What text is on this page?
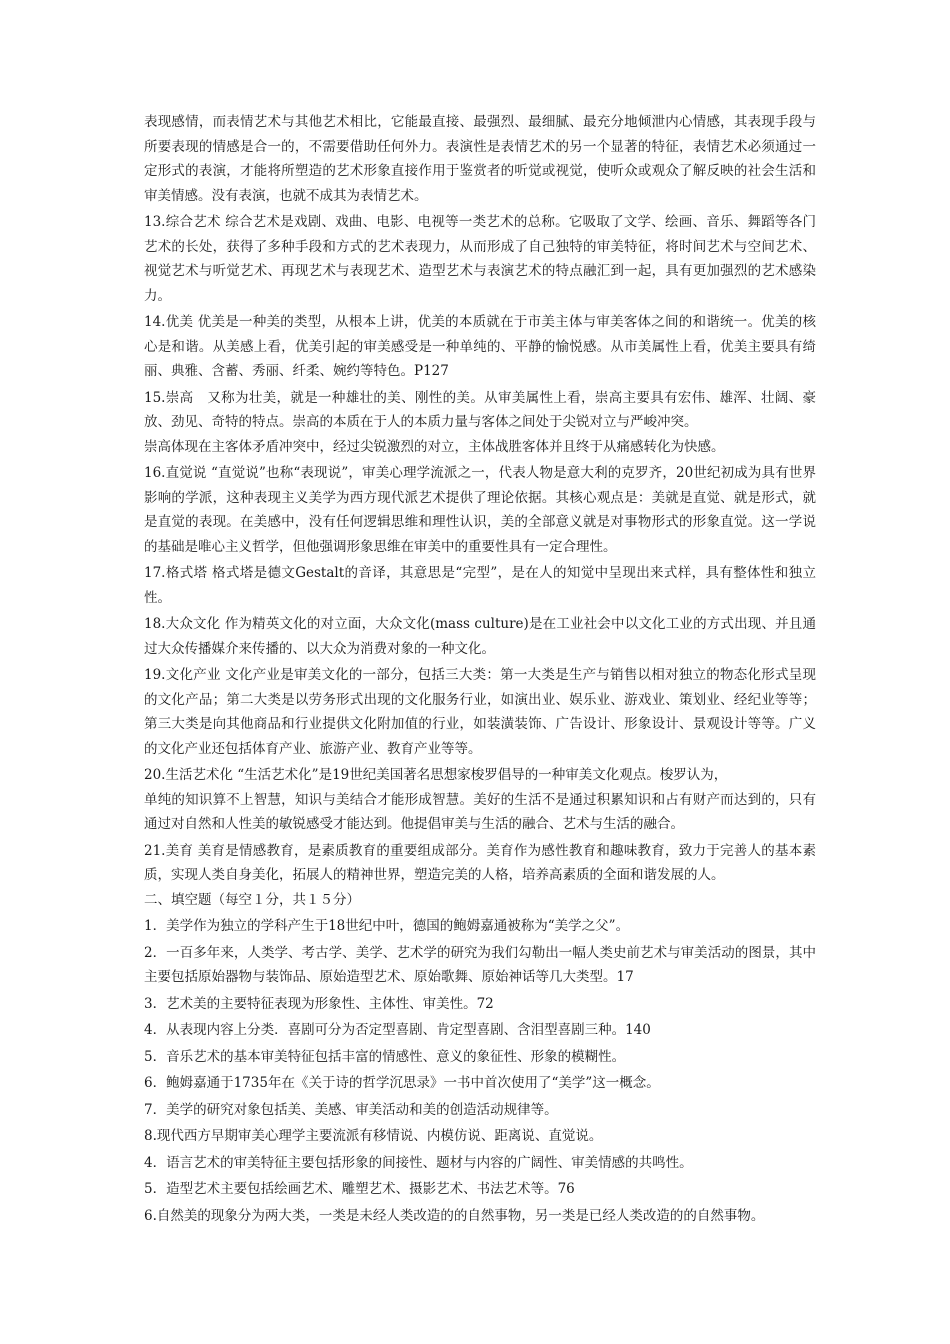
表现感情，而表情艺术与其他艺术相比，它能最直接、最强烈、最细腻、最充分地倾泄内心情感，其表现手段与所要表现的情感是合一的，不需要借助任何外力。表演性是表情艺术的另一个显著的特征，表情艺术必须通过一定形式的表演，才能将所塑造的艺术形象直接作用于鉴赏者的听觉或视觉，使听众或观众了解反映的社会生活和审美情感。没有表演，也就不成其为表情艺术。

13.综合艺术 综合艺术是戏剧、戏曲、电影、电视等一类艺术的总称。它吸取了文学、绘画、音乐、舞蹈等各门艺术的长处，获得了多种手段和方式的艺术表现力，从而形成了自己独特的审美特征，将时间艺术与空间艺术、视觉艺术与听觉艺术、再现艺术与表现艺术、造型艺术与表演艺术的特点融汇到一起，具有更加强烈的艺术感染力。

14.优美 优美是一种美的类型，从根本上讲，优美的本质就在于市美主体与审美客体之间的和谐统一。优美的核心是和谐。从美感上看，优美引起的审美感受是一种单纯的、平静的愉悦感。从市美属性上看，优美主要具有绮丽、典雅、含蓄、秀丽、纤柔、婉约等特色。P127

15.崇高　又称为壮美，就是一种雄壮的美、刚性的美。从审美属性上看，崇高主要具有宏伟、雄浑、壮阔、豪放、劲见、奇特的特点。崇高的本质在于人的本质力量与客体之间处于尖锐对立与严峻冲突。

崇高体现在主客体矛盾冲突中，经过尖锐激烈的对立，主体战胜客体并且终于从痛感转化为快感。

16.直觉说 “直觉说”也称“表现说”，审美心理学流派之一，代表人物是意大利的克罗齐，20世纪初成为具有世界影响的学派，这种表现主义美学为西方现代派艺术提供了理论依据。其核心观点是：美就是直觉、就是形式，就是直觉的表现。在美感中，没有任何逻辑思维和理性认识，美的全部意义就是对事物形式的形象直觉。这一学说的基础是唯心主义哲学，但他强调形象思维在审美中的重要性具有一定合理性。

17.格式塔 格式塔是德文Gestalt的音译，其意思是“完型”，是在人的知觉中呈现出来式样，具有整体性和独立性。

18.大众文化 作为精英文化的对立面，大众文化(mass culture)是在工业社会中以文化工业的方式出现、并且通过大众传播媒介来传播的、以大众为消费对象的一种文化。

19.文化产业 文化产业是审美文化的一部分，包括三大类：第一大类是生产与销售以相对独立的物态化形式呈现的文化产品；第二大类是以劳务形式出现的文化服务行业，如演出业、娱乐业、游戏业、策划业、经纪业等等；第三大类是向其他商品和行业提供文化附加值的行业，如装潢装饰、广告设计、形象设计、景观设计等等。广义的文化产业还包括体育产业、旅游产业、教育产业等等。

20.生活艺术化 “生活艺术化”是19世纪美国著名思想家梭罗倡导的一种审美文化观点。梭罗认为，

单纯的知识算不上智慧，知识与美结合才能形成智慧。美好的生活不是通过积累知识和占有财产而达到的，只有通过对自然和人性美的敏锐感受才能达到。他提倡审美与生活的融合、艺术与生活的融合。

21.美育 美育是情感教育，是素质教育的重要组成部分。美育作为感性教育和趣味教育，致力于完善人的基本素质，实现人类自身美化，拓展人的精神世界，塑造完美的人格，培养高素质的全面和谐发展的人。

二、填空题（每空１分，共１５分）

1．美学作为独立的学科产生于18世纪中叶，德国的鲍姆嘉通被称为“美学之父”。

2．一百多年来，人类学、考古学、美学、艺术学的研究为我们勾勒出一幅人类史前艺术与审美活动的图景，其中主要包括原始器物与装饰品、原始造型艺术、原始歌舞、原始神话等几大类型。17

3．艺术美的主要特征表现为形象性、主体性、审美性。72

4．从表现内容上分类．喜剧可分为否定型喜剧、肯定型喜剧、含泪型喜剧三种。140

5．音乐艺术的基本审美特征包括丰富的情感性、意义的象征性、形象的模糊性。

6．鲍姆嘉通于1735年在《关于诗的哲学沉思录》一书中首次使用了“美学”这一概念。

7．美学的研究对象包括美、美感、审美活动和美的创造活动规律等。

8.现代西方早期审美心理学主要流派有移情说、内模仿说、距离说、直觉说。

4．语言艺术的审美特征主要包括形象的间接性、题材与内容的广阔性、审美情感的共鸣性。

5．造型艺术主要包括绘画艺术、雕塑艺术、摄影艺术、书法艺术等。76

6.自然美的现象分为两大类，一类是未经人类改造的的自然事物，另一类是已经人类改造的的自然事物。
